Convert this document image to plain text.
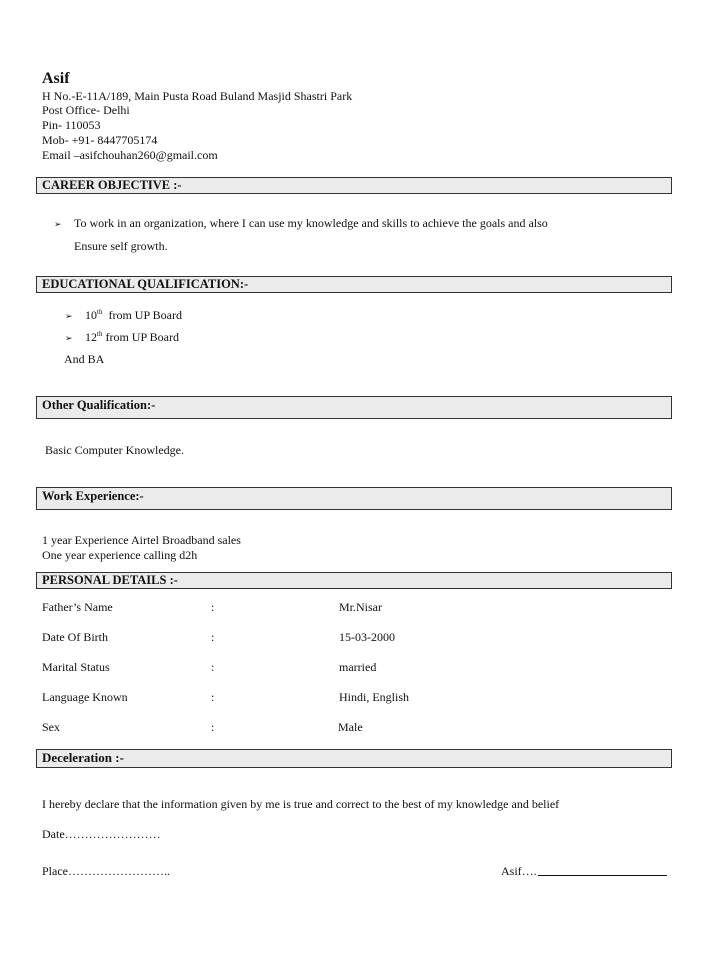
Asif
H No.-E-11A/189, Main Pusta Road Buland Masjid Shastri Park
Post Office- Delhi
Pin- 110053
Mob- +91- 8447705174
Email –asifchouhan260@gmail.com
CAREER OBJECTIVE :-
➢ To work in an organization, where I can use my knowledge and skills to achieve the goals and also
Ensure self growth.
EDUCATIONAL QUALIFICATION:-
➢ 10th from UP Board
➢ 12th from UP Board
And BA
Other Qualification:-
Basic Computer Knowledge.
Work Experience:-
1 year Experience Airtel Broadband sales
One year experience calling d2h
PERSONAL DETAILS :-
Father’s Name	:	Mr.Nisar
Date Of Birth	:	15-03-2000
Marital Status	:	married
Language Known	:	Hindi, English
Sex	:	Male
Deceleration :-
I hereby declare that the information given by me is true and correct to the best of my knowledge and belief
Date……………………
Place……………………..	Asif….
